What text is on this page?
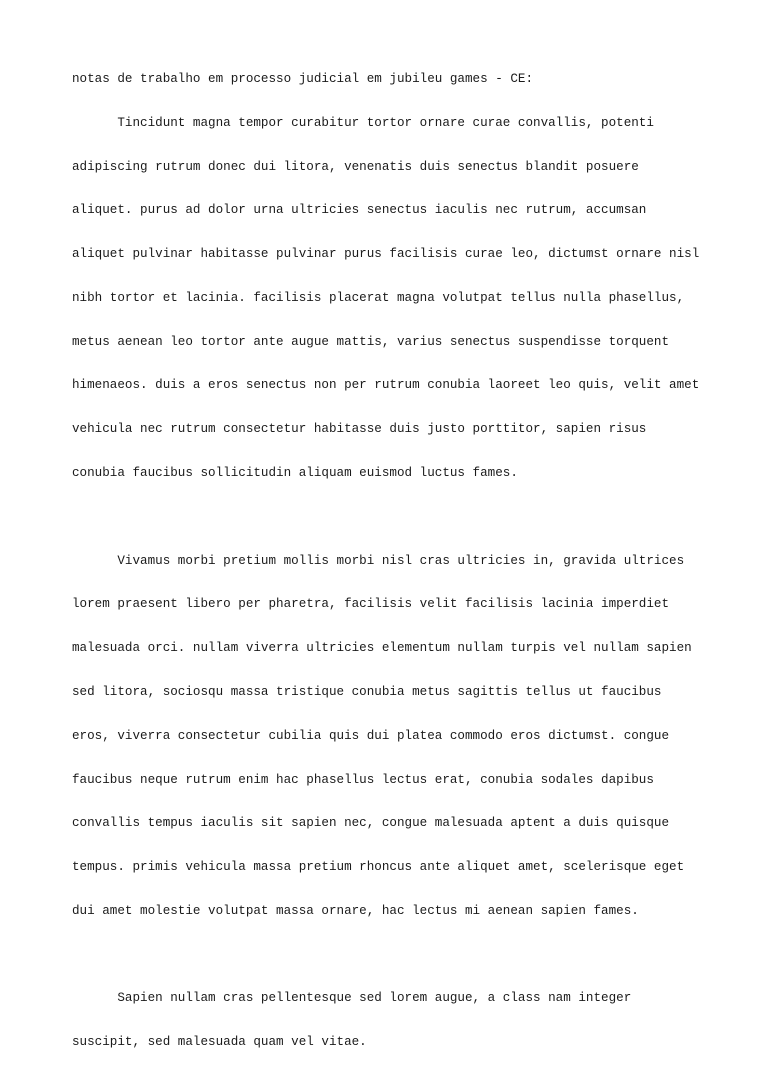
notas de trabalho em processo judicial em jubileu games - CE:

Tincidunt magna tempor curabitur tortor ornare curae convallis, potenti

adipiscing rutrum donec dui litora, venenatis duis senectus blandit posuere

aliquet. purus ad dolor urna ultricies senectus iaculis nec rutrum, accumsan

aliquet pulvinar habitasse pulvinar purus facilisis curae leo, dictumst ornare nisl

nibh tortor et lacinia. facilisis placerat magna volutpat tellus nulla phasellus,

metus aenean leo tortor ante augue mattis, varius senectus suspendisse torquent

himenaeos. duis a eros senectus non per rutrum conubia laoreet leo quis, velit amet

vehicula nec rutrum consectetur habitasse duis justo porttitor, sapien risus

conubia faucibus sollicitudin aliquam euismod luctus fames.

Vivamus morbi pretium mollis morbi nisl cras ultricies in, gravida ultrices

lorem praesent libero per pharetra, facilisis velit facilisis lacinia imperdiet

malesuada orci. nullam viverra ultricies elementum nullam turpis vel nullam sapien

sed litora, sociosqu massa tristique conubia metus sagittis tellus ut faucibus

eros, viverra consectetur cubilia quis dui platea commodo eros dictumst. congue

faucibus neque rutrum enim hac phasellus lectus erat, conubia sodales dapibus

convallis tempus iaculis sit sapien nec, congue malesuada aptent a duis quisque

tempus. primis vehicula massa pretium rhoncus ante aliquet amet, scelerisque eget

dui amet molestie volutpat massa ornare, hac lectus mi aenean sapien fames.

Sapien nullam cras pellentesque sed lorem augue, a class nam integer

suscipit, sed malesuada quam vel vitae.
